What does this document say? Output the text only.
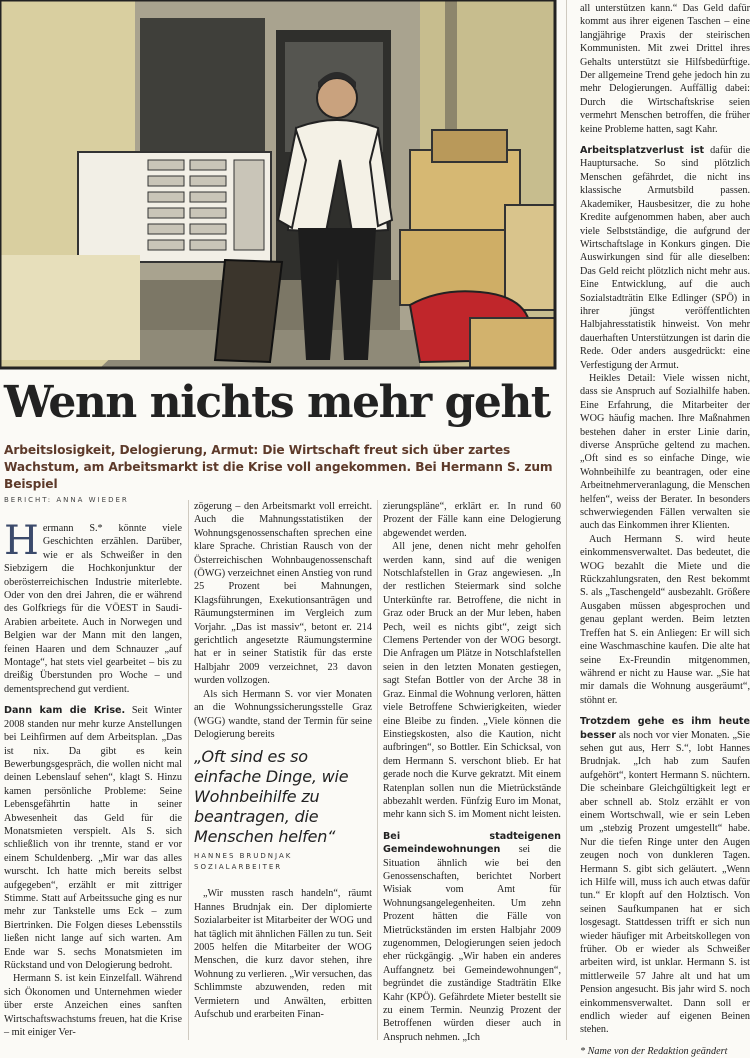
Wenn nichts mehr geht

Arbeitslosigkeit, Delogierung, Armut: Die Wirtschaft freut sich über zartes Wachstum, am Arbeitsmarkt ist die Krise voll angekommen. Bei Hermann S. zum Beispiel

BERICHT: ANNA WIEDER

Hermann S.* könnte viele Geschichten erzählen. Darüber, wie er als Schweißer in den Siebzigern die Hochkonjunktur der oberösterreichischen Industrie miterlebte. Oder von den drei Jahren, die er während des Golfkriegs für die VÖEST in Saudi-Arabien arbeitete. Auch in Norwegen und Belgien war der Mann mit den langen, feinen Haaren und dem Schnauzer „auf Montage“, hat stets viel gearbeitet – bis zu dreißig Überstunden pro Woche – und dementsprechend gut verdient.

Dann kam die Krise. Seit Winter 2008 standen nur mehr kurze Anstellungen bei Leihfirmen auf dem Arbeitsplan. „Das ist nix. Da gibt es kein Bewerbungsgespräch, die wollen nicht mal deinen Lebenslauf sehen“, klagt S. Hinzu kamen persönliche Probleme: Seine Lebensgefährtin hatte in seiner Abwesenheit das Geld für die Monatsmieten verspielt. Als S. sich schließlich von ihr trennte, stand er vor einem Schuldenberg. „Mir war das alles wurscht. Ich hatte mich bereits selbst aufgegeben“, erzählt er mit zittriger Stimme. Statt auf Arbeitssuche ging es nur mehr zur Tankstelle ums Eck – zum Biertrinken. Die Folgen dieses Lebensstils ließen nicht lange auf sich warten. Am Ende war S. sechs Monatsmieten im Rückstand und von Delogierung bedroht.

Hermann S. ist kein Einzelfall. Während sich Ökonomen und Unternehmen wieder über erste Anzeichen eines sanften Wirtschaftswachstums freuen, hat die Krise – mit einiger Ver-

zögerung – den Arbeitsmarkt voll erreicht. Auch die Mahnungsstatistiken der Wohnungsgenossenschaften sprechen eine klare Sprache. Christian Rausch von der Österreichischen Wohnbaugenossenschaft (ÖWG) verzeichnet einen Anstieg von rund 25 Prozent bei Mahnungen, Klagsführungen, Exekutionsanträgen und Räumungsterminen im Vergleich zum Vorjahr. „Das ist massiv“, betont er. 214 gerichtlich angesetzte Räumungstermine hat er in seiner Statistik für das erste Halbjahr 2009 verzeichnet, 23 davon wurden vollzogen.

Als sich Hermann S. vor vier Monaten an die Wohnungssicherungsstelle Graz (WGG) wandte, stand der Termin für seine Delogierung bereits

„Oft sind es so einfache Dinge, wie Wohnbeihilfe zu beantragen, die Menschen helfen“
HANNES BRUDNJAK
SOZIALARBEITER

„Wir mussten rasch handeln“, räumt Hannes Brudnjak ein. Der diplomierte Sozialarbeiter ist Mitarbeiter der WOG und hat täglich mit ähnlichen Fällen zu tun. Seit 2005 helfen die Mitarbeiter der WOG Menschen, die kurz davor stehen, ihre Wohnung zu verlieren. „Wir versuchen, das Schlimmste abzuwenden, reden mit Vermietern und Anwälten, erbitten Aufschub und erarbeiten Finan-

zierungspläne“, erklärt er. In rund 60 Prozent der Fälle kann eine Delogierung abgewendet werden.

All jene, denen nicht mehr geholfen werden kann, sind auf die wenigen Notschlafstellen in Graz angewiesen. „In der restlichen Steiermark sind solche Unterkünfte rar. Betroffene, die nicht in Graz oder Bruck an der Mur leben, haben Pech, weil es nichts gibt“, zeigt sich Clemens Pertender von der WOG besorgt. Die Anfragen um Plätze in Notschlafstellen seien in den letzten Monaten gestiegen, sagt Stefan Bottler von der Arche 38 in Graz. Einmal die Wohnung verloren, hätten viele Betroffene Schwierigkeiten, wieder eine Bleibe zu finden. „Viele können die Einstiegskosten, also die Kaution, nicht aufbringen“, so Bottler. Ein Schicksal, von dem Hermann S. verschont blieb. Er hat gerade noch die Kurve gekratzt. Mit einem Ratenplan sollen nun die Mietrückstände abbezahlt werden. Fünfzig Euro im Monat, mehr kann sich S. im Moment nicht leisten.

Bei stadteigenen Gemeindewohnungen sei die Situation ähnlich wie bei den Genossenschaften, berichtet Norbert Wisiak vom Amt für Wohnungsangelegenheiten. Um zehn Prozent hätten die Fälle von Mietrückständen im ersten Halbjahr 2009 zugenommen, Delogierungen seien jedoch eher rückgängig. „Wir haben ein anderes Auffangnetz bei Gemeindewohnungen“, begründet die zuständige Stadträtin Elke Kahr (KPÖ). Gefährdete Mieter bestellt sie zu einem Termin. Neunzig Prozent der Betroffenen würden dieser auch in Anspruch nehmen. „Ich

all unterstützen kann.“ Das Geld dafür kommt aus ihrer eigenen Taschen – eine langjährige Praxis der steirischen Kommunisten. Mit zwei Drittel ihres Gehalts unterstützt sie Hilfsbedürftige. Der allgemeine Trend gehe jedoch hin zu mehr Delogierungen. Auffällig dabei: Durch die Wirtschaftskrise seien vermehrt Menschen betroffen, die früher keine Probleme hatten, sagt Kahr.

Arbeitsplatzverlust ist dafür die Hauptursache. So sind plötzlich Menschen gefährdet, die nicht ins klassische Armutsbild passen. Akademiker, Hausbesitzer, die zu hohe Kredite aufgenommen haben, aber auch viele Selbstständige, die aufgrund der Wirtschaftslage in Konkurs gingen. Die Auswirkungen sind für alle dieselben: Das Geld reicht plötzlich nicht mehr aus. Eine Entwicklung, auf die auch Sozialstadträtin Elke Edlinger (SPÖ) in ihrer jüngst veröffentlichten Halbjahresstatistik hinweist. Von mehr dauerhaften Unterstützungen ist darin die Rede. Oder anders ausgedrückt: eine Verfestigung der Armut.

Heikles Detail: Viele wissen nicht, dass sie Anspruch auf Sozialhilfe haben. Eine Erfahrung, die Mitarbeiter der WOG häufig machen. Ihre Maßnahmen bestehen daher in erster Linie darin, diverse Ansprüche geltend zu machen. „Oft sind es so einfache Dinge, wie Wohnbeihilfe zu beantragen, oder eine Arbeitnehmerveranlagung, die Menschen helfen“, weiss der Berater. In besonders schwerwiegenden Fällen verwalten sie auch das Einkommen ihrer Klienten.

Auch Hermann S. wird heute einkommensverwaltet. Das bedeutet, die WOG bezahlt die Miete und die Rückzahlungsraten, den Rest bekommt S. als „Taschengeld“ ausbezahlt. Größere Ausgaben müssen abgesprochen und genau geplant werden. Beim letzten Treffen hat S. ein Anliegen: Er will sich eine Waschmaschine kaufen. Die alte hat seine Ex-Freundin mitgenommen, während er nicht zu Hause war. „Sie hat mir damals die Wohnung ausgeräumt“, stöhnt er.

Trotzdem gehe es ihm heute besser als noch vor vier Monaten. „Sie sehen gut aus, Herr S.“, lobt Hannes Brudnjak. „Ich hab zum Saufen aufgehört“, kontert Hermann S. nüchtern. Die scheinbare Gleichgültigkeit legt er aber schnell ab. Stolz erzählt er von einem Wortschwall, wie er sein Leben um „stebzig Prozent umgestellt“ habe. Nur die tiefen Ringe unter den Augen zeugen noch von dunkleren Tagen. Hermann S. gibt sich geläutert. „Wenn ich Hilfe will, muss ich auch etwas dafür tun.“ Er klopft auf den Holztisch. Von seinen Saufkumpanen hat er sich losgesagt. Stattdessen trifft er sich nun wieder häufiger mit Arbeitskollegen von früher. Ob er wieder als Schweißer arbeiten wird, ist unklar. Hermann S. ist mittlerweile 57 Jahre alt und hat um Pension angesucht. Bis jahr wird S. noch einkommensverwaltet. Dann soll er endlich wieder auf eigenen Beinen stehen.

* Name von der Redaktion geändert
